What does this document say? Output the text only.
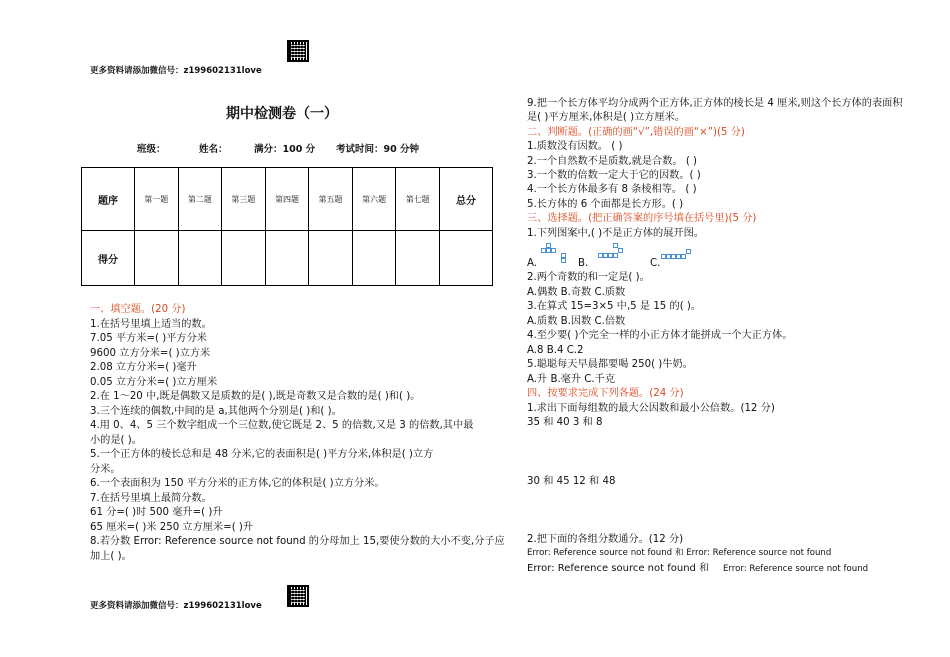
更多资料请添加微信号：z199602131love
期中检测卷（一）
班级：	姓名：	满分：100 分 考试时间：90 分钟
题序	第一题	第二题	第三题	第四题	第五题	第六题	第七题	总分
得分								
一、填空题。(20 分)
1.在括号里填上适当的数。
7.05 平方米=( )平方分米
9600 立方分米=( )立方米
2.08 立方分米=( )毫升
0.05 立方分米=( )立方厘米
2.在 1～20 中,既是偶数又是质数的是( ),既是奇数又是合数的是( )和( )。
3.三个连续的偶数,中间的是 a,其他两个分别是( )和( )。
4.用 0、4、5 三个数字组成一个三位数,使它既是 2、5 的倍数,又是 3 的倍数,其中最
小的是( )。
5.一个正方体的棱长总和是 48 分米,它的表面积是( )平方分米,体积是( )立方
分米。
6.一个表面积为 150 平方分米的正方体,它的体积是( )立方分米。
7.在括号里填上最简分数。
61 分=( )时 500 毫升=( )升
65 厘米=( )米 250 立方厘米=( )升
8.若分数 Error: Reference source not found 的分母加上 15,要使分数的大小不变,分子应
加上( )。
9.把一个长方体平均分成两个正方体,正方体的棱长是 4 厘米,则这个长方体的表面积
是( )平方厘米,体积是( )立方厘米。
二、判断题。(正确的画“√”,错误的画“×”)(5 分)
1.质数没有因数。 ( )
2.一个自然数不是质数,就是合数。 ( )
3.一个数的倍数一定大于它的因数。( )
4.一个长方体最多有 8 条棱相等。 ( )
5.长方体的 6 个面都是长方形。( )
三、选择题。(把正确答案的序号填在括号里)(5 分)
1.下列图案中,( )不是正方体的展开图。
A.	B.	C.
2.两个奇数的和一定是( )。
A.偶数 B.奇数 C.质数
3.在算式 15=3×5 中,5 是 15 的( )。
A.质数 B.因数 C.倍数
4.至少要( )个完全一样的小正方体才能拼成一个大正方体。
A.8 B.4 C.2
5.聪聪每天早晨都要喝 250( )牛奶。
A.升 B.毫升 C.千克
四、按要求完成下列各题。(24 分)
1.求出下面每组数的最大公因数和最小公倍数。(12 分)
35 和 40 3 和 8
30 和 45 12 和 48
2.把下面的各组分数通分。(12 分)
Error: Reference source not found 和 Error: Reference source not found
Error: Reference source not found 和 Error: Reference source not found
更多资料请添加微信号：z199602131love
